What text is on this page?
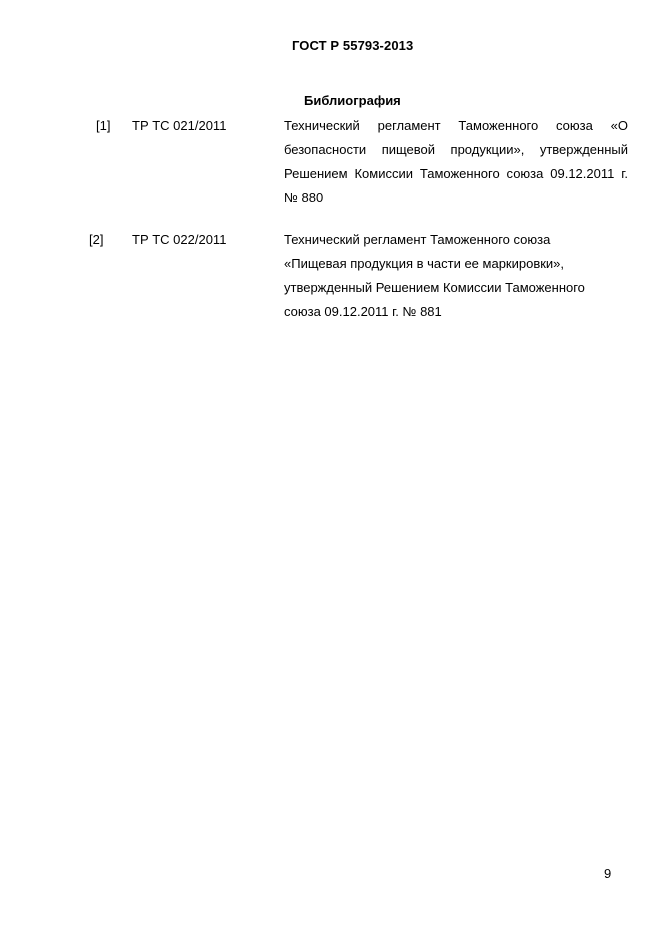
ГОСТ Р 55793-2013
Библиография
[1] ТР ТС 021/2011	Технический регламент Таможенного союза «О безопасности пищевой продукции», утвержденный Решением Комиссии Таможенного союза 09.12.2011 г. № 880
[2] ТР ТС 022/2011	Технический регламент Таможенного союза
«Пищевая продукция в части ее маркировки»,
утвержденный Решением Комиссии Таможенного
союза 09.12.2011 г. № 881
9
